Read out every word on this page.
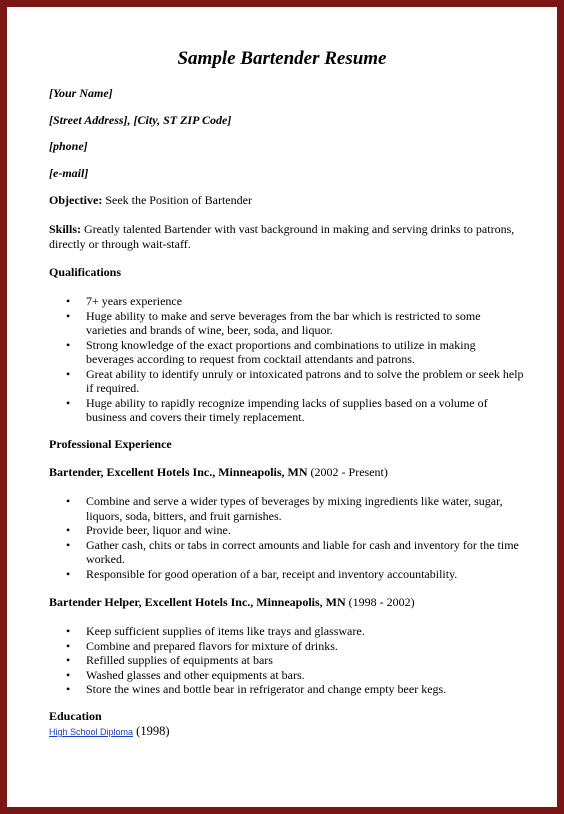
Sample Bartender Resume
[Your Name]
[Street Address], [City, ST ZIP Code]
[phone]
[e-mail]
Objective: Seek the Position of Bartender
Skills: Greatly talented Bartender with vast background in making and serving drinks to patrons, directly or through wait-staff.
Qualifications
• 7+ years experience
• Huge ability to make and serve beverages from the bar which is restricted to some varieties and brands of wine, beer, soda, and liquor.
• Strong knowledge of the exact proportions and combinations to utilize in making beverages according to request from cocktail attendants and patrons.
• Great ability to identify unruly or intoxicated patrons and to solve the problem or seek help if required.
• Huge ability to rapidly recognize impending lacks of supplies based on a volume of business and covers their timely replacement.
Professional Experience
Bartender, Excellent Hotels Inc., Minneapolis, MN (2002 - Present)
• Combine and serve a wider types of beverages by mixing ingredients like water, sugar, liquors, soda, bitters, and fruit garnishes.
• Provide beer, liquor and wine.
• Gather cash, chits or tabs in correct amounts and liable for cash and inventory for the time worked.
• Responsible for good operation of a bar, receipt and inventory accountability.
Bartender Helper, Excellent Hotels Inc., Minneapolis, MN (1998 - 2002)
• Keep sufficient supplies of items like trays and glassware.
• Combine and prepared flavors for mixture of drinks.
• Refilled supplies of equipments at bars
• Washed glasses and other equipments at bars.
• Store the wines and bottle bear in refrigerator and change empty beer kegs.
Education
High School Diploma (1998)
